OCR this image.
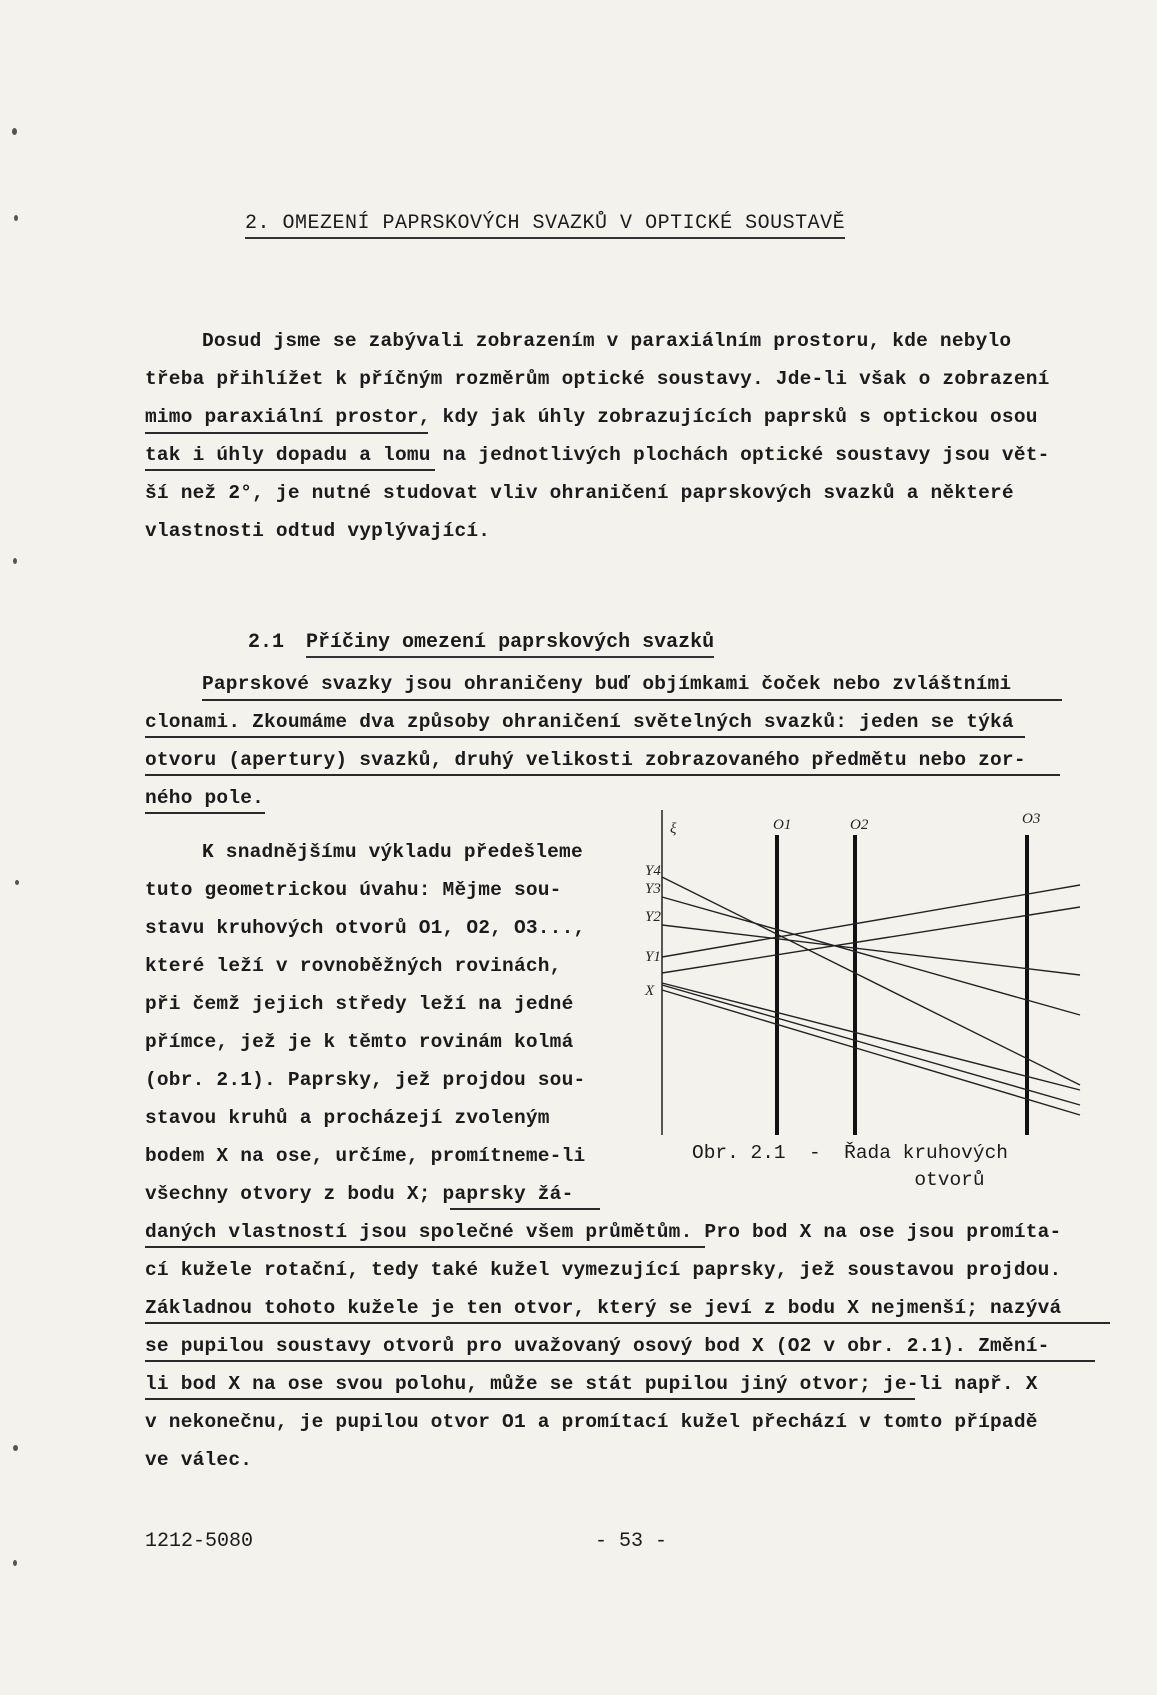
2. OMEZENÍ PAPRSKOVÝCH SVAZKŮ V OPTICKÉ SOUSTAVĚ
Dosud jsme se zabývali zobrazením v paraxiálním prostoru, kde nebylo
třeba přihlížet k příčným rozměrům optické soustavy. Jde-li však o zobrazení
mimo paraxiální prostor, kdy jak úhly zobrazujících paprsků s optickou osou
tak i úhly dopadu a lomu na jednotlivých plochách optické soustavy jsou vět-
ší než 2°, je nutné studovat vliv ohraničení paprskových svazků a některé
vlastnosti odtud vyplývající.

2.1 Příčiny omezení paprskových svazků

Paprskové svazky jsou ohraničeny buď objímkami čoček nebo zvláštními
clonami. Zkoumáme dva způsoby ohraničení světelných svazků: jeden se týká
otvoru (apertury) svazků, druhý velikosti zobrazovaného předmětu nebo zor-
ného pole.
K snadnějšímu výkladu předešleme
tuto geometrickou úvahu: Mějme sou-
stavu kruhových otvorů O1, O2, O3...,
které leží v rovnoběžných rovinách,
při čemž jejich středy leží na jedné
přímce, jež je k těmto rovinám kolmá
(obr. 2.1). Paprsky, jež projdou sou-
stavou kruhů a procházejí zvoleným
bodem X na ose, určíme, promítneme-li
všechny otvory z bodu X; paprsky žá-
daných vlastností jsou společné všem průmětům. Pro bod X na ose jsou promíta-
cí kužele rotační, tedy také kužel vymezující paprsky, jež soustavou projdou.
Základnou tohoto kužele je ten otvor, který se jeví z bodu X nejmenší; nazývá
se pupilou soustavy otvorů pro uvažovaný osový bod X (O2 v obr. 2.1). Změní-
li bod X na ose svou polohu, může se stát pupilou jiný otvor; je-li např. X
v nekonečnu, je pupilou otvor O1 a promítací kužel přechází v tomto případě
ve válec.
ξ	O1	O2	O3
Y4
Y3
Y2
Y1
X
Obr. 2.1 - Řada kruhových
otvorů
1212-5080	- 53 -
